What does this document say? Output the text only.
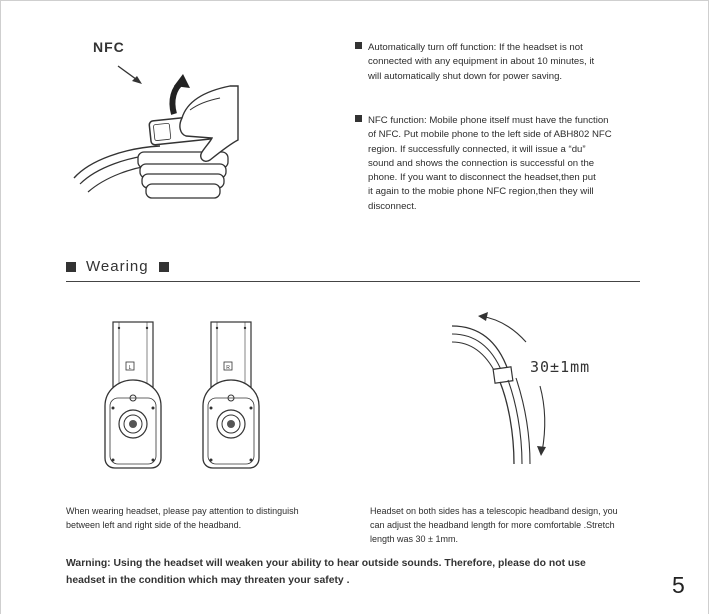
NFC	Automatically turn off function: If the headset is not
connected with any equipment in about 10 minutes, it
will automatically shut down for power saving.
NFC function: Mobile phone itself must have the function
of NFC. Put mobile phone to the left side of ABH802 NFC
region. If successfully connected, it will issue a “du”
sound and shows the connection is successful on the
phone. If you want to disconnect the headset,then put
it again to the mobie phone NFC region,then they will
disconnect.
Wearing
L	R	30±1mm
When wearing headset, please pay attention to distinguish
between left and right side of the headband.
Headset on both sides has a telescopic headband design, you
can adjust the headband length for more comfortable .Stretch
length was 30 ± 1mm.
Warning: Using the headset will weaken your ability to hear outside sounds. Therefore, please do not use
headset in the condition which may threaten your safety .	5
